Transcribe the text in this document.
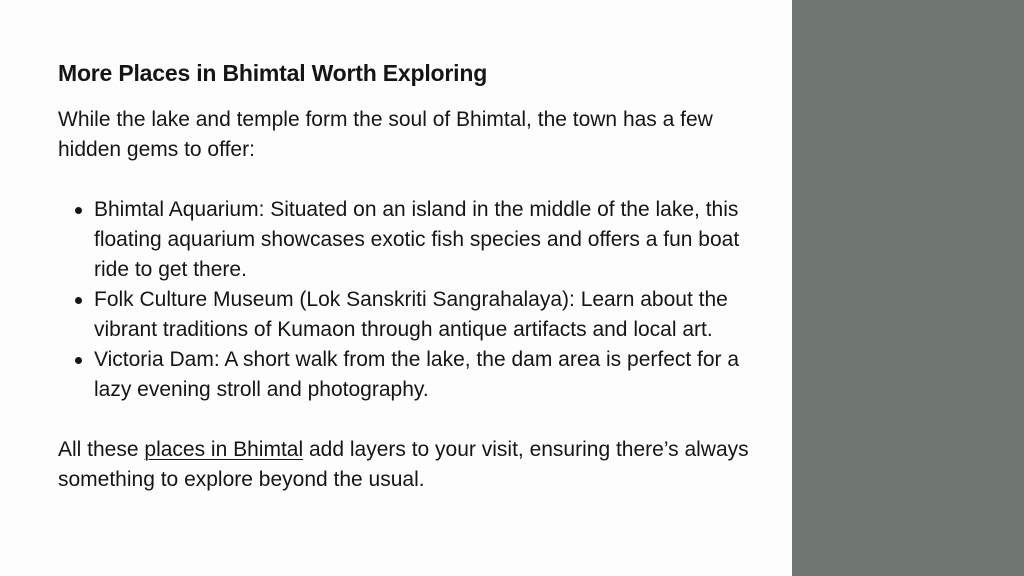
More Places in Bhimtal Worth Exploring

While the lake and temple form the soul of Bhimtal, the town has a few hidden gems to offer:

Bhimtal Aquarium: Situated on an island in the middle of the lake, this floating aquarium showcases exotic fish species and offers a fun boat ride to get there.
Folk Culture Museum (Lok Sanskriti Sangrahalaya): Learn about the vibrant traditions of Kumaon through antique artifacts and local art.
Victoria Dam: A short walk from the lake, the dam area is perfect for a lazy evening stroll and photography.

All these places in Bhimtal add layers to your visit, ensuring there’s always something to explore beyond the usual.
